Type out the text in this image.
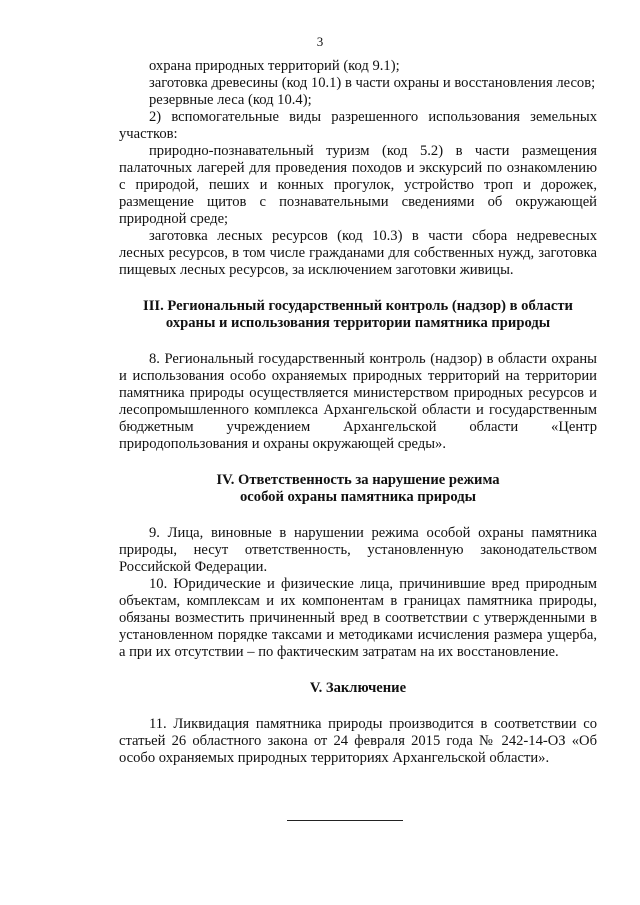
3

охрана природных территорий (код 9.1);

заготовка древесины (код 10.1) в части охраны и восстановления лесов;

резервные леса (код 10.4);

2) вспомогательные виды разрешенного использования земельных участков:

природно-познавательный туризм (код 5.2) в части размещения палаточных лагерей для проведения походов и экскурсий по ознакомлению с природой, пеших и конных прогулок, устройство троп и дорожек, размещение щитов с познавательными сведениями об окружающей природной среде;

заготовка лесных ресурсов (код 10.3) в части сбора недревесных лесных ресурсов, в том числе гражданами для собственных нужд, заготовка пищевых лесных ресурсов, за исключением заготовки живицы.

III. Региональный государственный контроль (надзор) в области

охраны и использования территории памятника природы

8. Региональный государственный контроль (надзор) в области охраны и использования особо охраняемых природных территорий на территории памятника природы осуществляется министерством природных ресурсов и лесопромышленного комплекса Архангельской области и государственным бюджетным учреждением Архангельской области «Центр природопользования и охраны окружающей среды».

IV. Ответственность за нарушение режима

особой охраны памятника природы

9. Лица, виновные в нарушении режима особой охраны памятника природы, несут ответственность, установленную законодательством Российской Федерации.

10. Юридические и физические лица, причинившие вред природным объектам, комплексам и их компонентам в границах памятника природы, обязаны возместить причиненный вред в соответствии с утвержденными в установленном порядке таксами и методиками исчисления размера ущерба, а при их отсутствии – по фактическим затратам на их восстановление.

V. Заключение

11. Ликвидация памятника природы производится в соответствии со статьей 26 областного закона от 24 февраля 2015 года № 242-14-ОЗ «Об особо охраняемых природных территориях Архангельской области».
